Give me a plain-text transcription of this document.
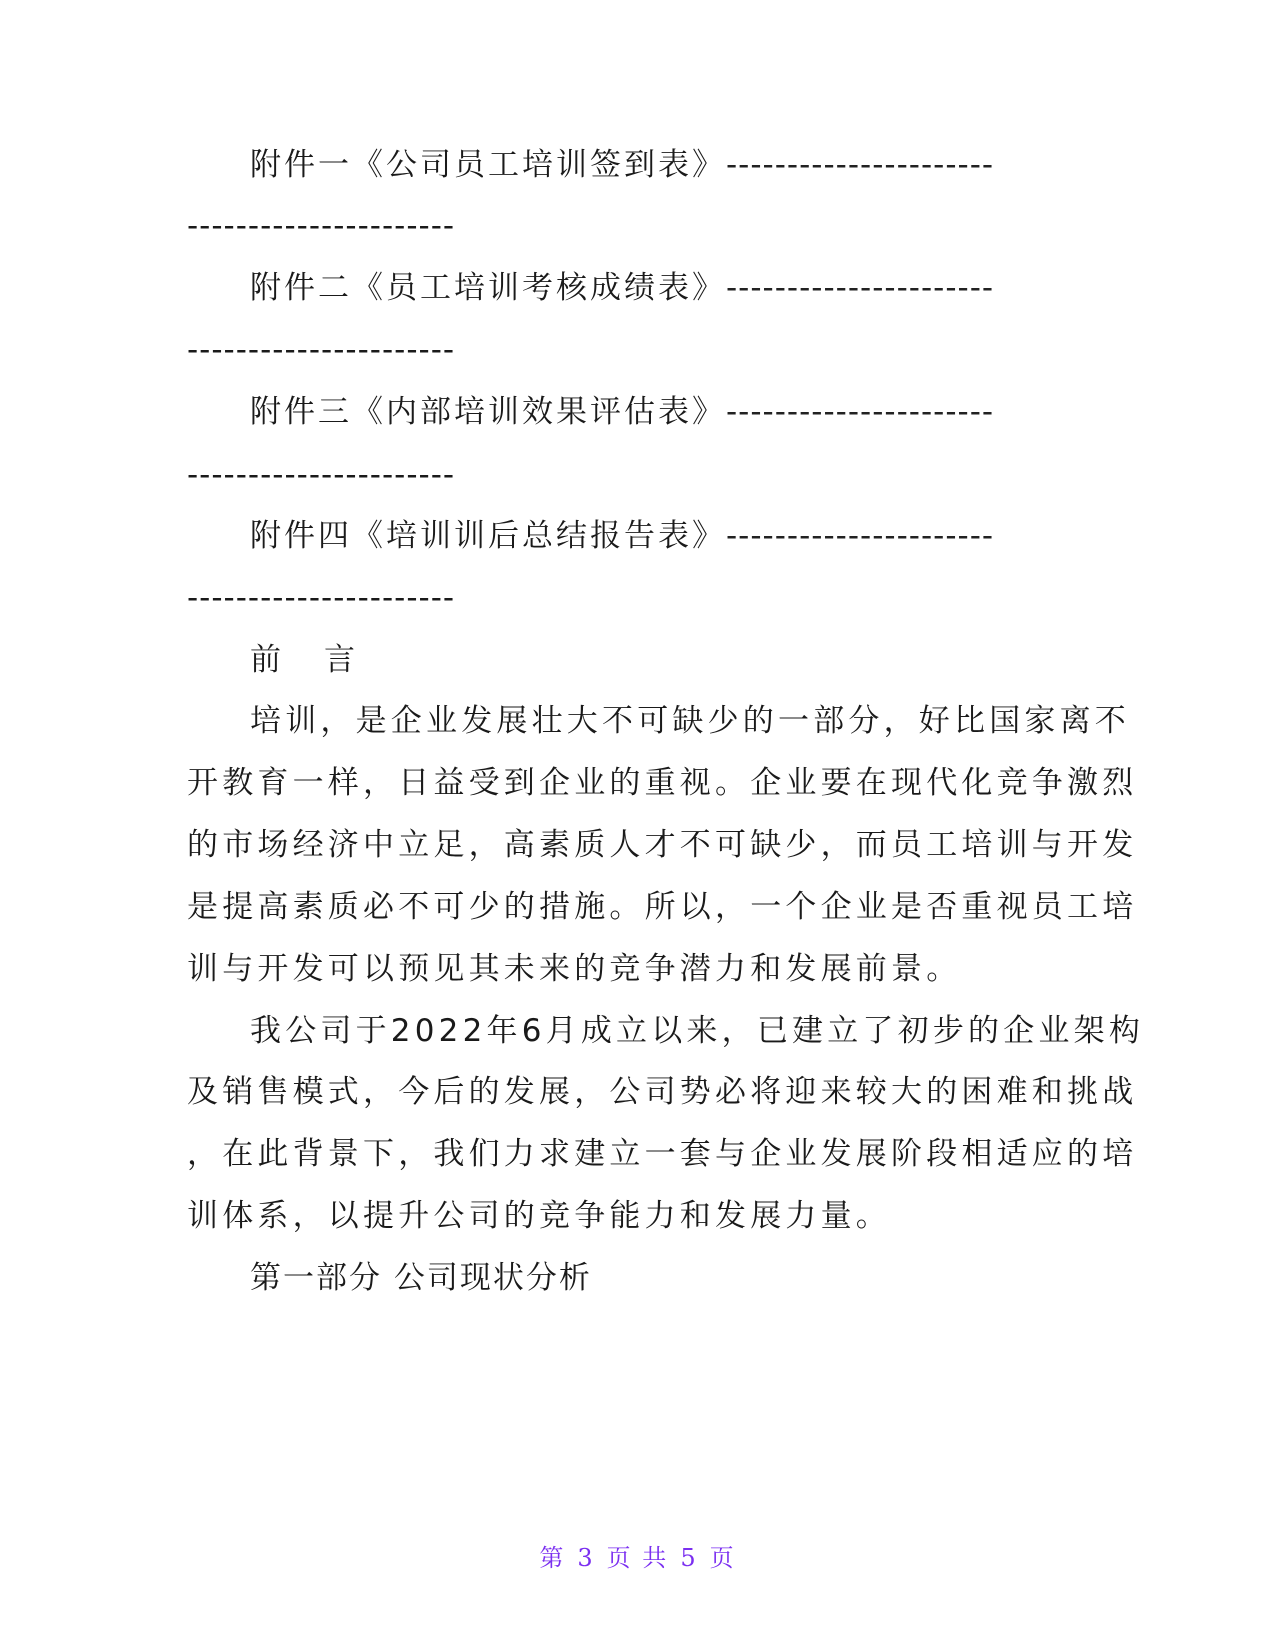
附件一《公司员工培训签到表》----------------------
----------------------
附件二《员工培训考核成绩表》----------------------
----------------------
附件三《内部培训效果评估表》----------------------
----------------------
附件四《培训训后总结报告表》----------------------
----------------------
前　言
培训，是企业发展壮大不可缺少的一部分，好比国家离不
开教育一样，日益受到企业的重视。企业要在现代化竞争激烈
的市场经济中立足，高素质人才不可缺少，而员工培训与开发
是提高素质必不可少的措施。所以，一个企业是否重视员工培
训与开发可以预见其未来的竞争潜力和发展前景。
我公司于2022年6月成立以来，已建立了初步的企业架构
及销售模式，今后的发展，公司势必将迎来较大的困难和挑战
，在此背景下，我们力求建立一套与企业发展阶段相适应的培
训体系，以提升公司的竞争能力和发展力量。
第一部分 公司现状分析
第 3 页 共 5 页
